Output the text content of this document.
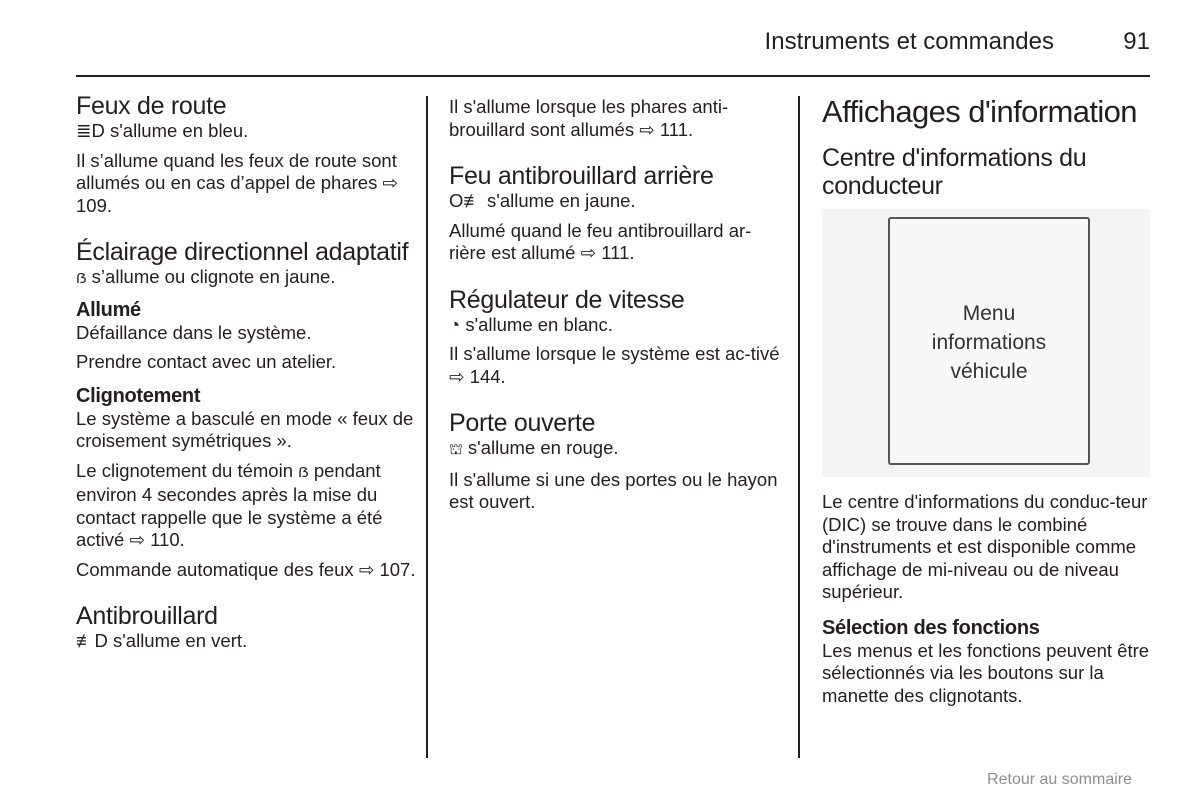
Instruments et commandes	91
Feux de route

≣D s'allume en bleu.

Il s’allume quand les feux de route sont allumés ou en cas d’appel de phares ⇨ 109.

Éclairage directionnel adaptatif

ẞ s’allume ou clignote en jaune.

Allumé

Défaillance dans le système.

Prendre contact avec un atelier.

Clignotement

Le système a basculé en mode « feux de croisement symétriques ».

Le clignotement du témoin ẞ pendant environ 4 secondes après la mise du contact rappelle que le système a été activé ⇨ 110.

Commande automatique des feux ⇨ 107.

Antibrouillard

≢D s'allume en vert.

Il s'allume lorsque les phares anti-brouillard sont allumés ⇨ 111.

Feu antibrouillard arrière

O≢ s'allume en jaune.

Allumé quand le feu antibrouillard ar-rière est allumé ⇨ 111.

Régulateur de vitesse

◔ s'allume en blanc.

Il s'allume lorsque le système est ac-tivé ⇨ 144.

Porte ouverte

⛫ s'allume en rouge.

Il s'allume si une des portes ou le hayon est ouvert.

Affichages d'information
Centre d'informations du conducteur
Menu
informations
véhicule

Le centre d'informations du conduc-teur (DIC) se trouve dans le combiné d'instruments et est disponible comme affichage de mi-niveau ou de niveau supérieur.

Sélection des fonctions

Les menus et les fonctions peuvent être sélectionnés via les boutons sur la manette des clignotants.

Retour au sommaire
